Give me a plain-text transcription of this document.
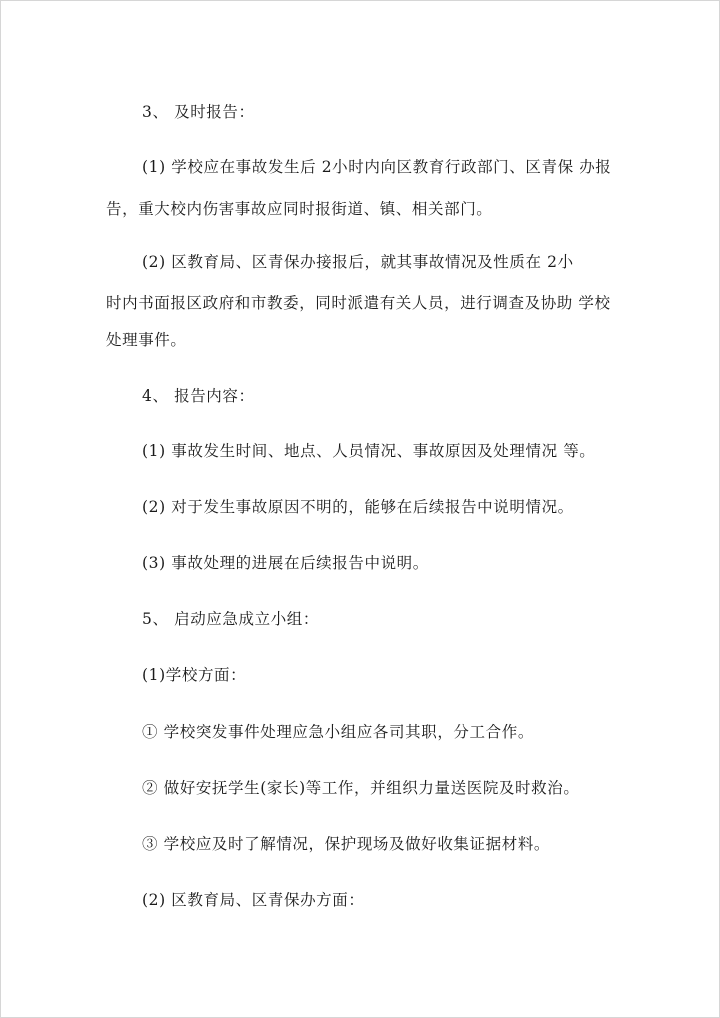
3、 及时报告：
(1) 学校应在事故发生后 2小时内向区教育行政部门、区青保 办报
告，重大校内伤害事故应同时报街道、镇、相关部门。
(2) 区教育局、区青保办接报后，就其事故情况及性质在 2小
时内书面报区政府和市教委，同时派遣有关人员，进行调查及协助 学校
处理事件。
4、 报告内容：
(1) 事故发生时间、地点、人员情况、事故原因及处理情况 等。
(2) 对于发生事故原因不明的，能够在后续报告中说明情况。
(3) 事故处理的进展在后续报告中说明。
5、 启动应急成立小组：
(1)学校方面：
① 学校突发事件处理应急小组应各司其职，分工合作。
② 做好安抚学生(家长)等工作，并组织力量送医院及时救治。
③ 学校应及时了解情况，保护现场及做好收集证据材料。
(2) 区教育局、区青保办方面：
